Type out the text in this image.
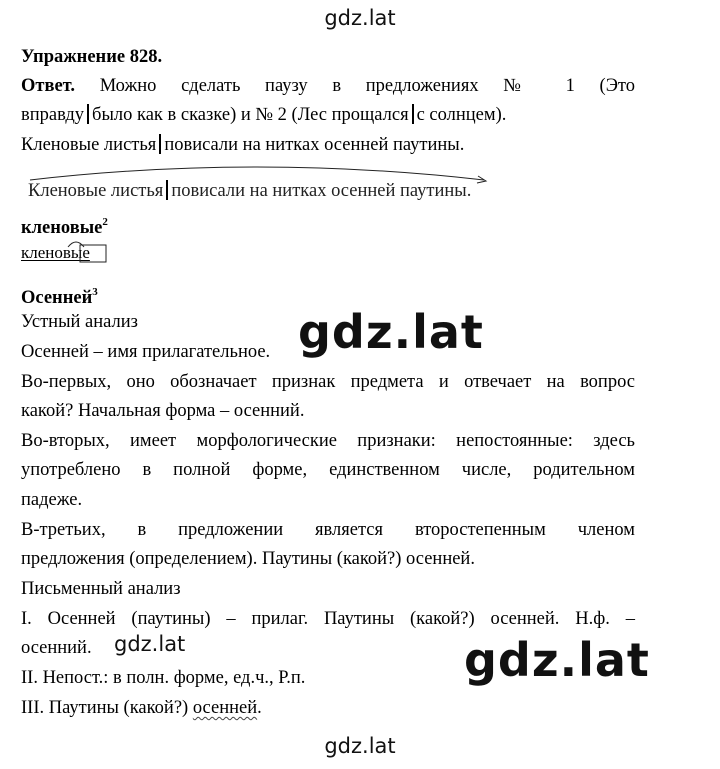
gdz.lat
Упражнение 828.
Ответ. Можно сделать паузу в предложениях № 1 (Это
вправду было как в сказке) и № 2 (Лес прощался с солнцем).
Кленовые листья повисали на нитках осенней паутины.
Кленовые листья повисали на нитках осенней паутины.
кленовые$^2$
кленовые
Осенней$^3$
Устный анализ
Осенней – имя прилагательное.
Во-первых, оно обозначает признак предмета и отвечает на вопрос
какой? Начальная форма – осенний.
Во-вторых, имеет морфологические признаки: непостоянные: здесь
употреблено в полной форме, единственном числе, родительном
падеже.
В-третьих, в предложении является второстепенным членом
предложения (определением). Паутины (какой?) осенней.
Письменный анализ
I. Осенней (паутины) – прилаг. Паутины (какой?) осенней. Н.ф. –
осенний.
II. Непост.: в полн. форме, ед.ч., Р.п.
III. Паутины (какой?) осенней.
gdz.lat
gdz.lat	gdz.lat
gdz.lat
